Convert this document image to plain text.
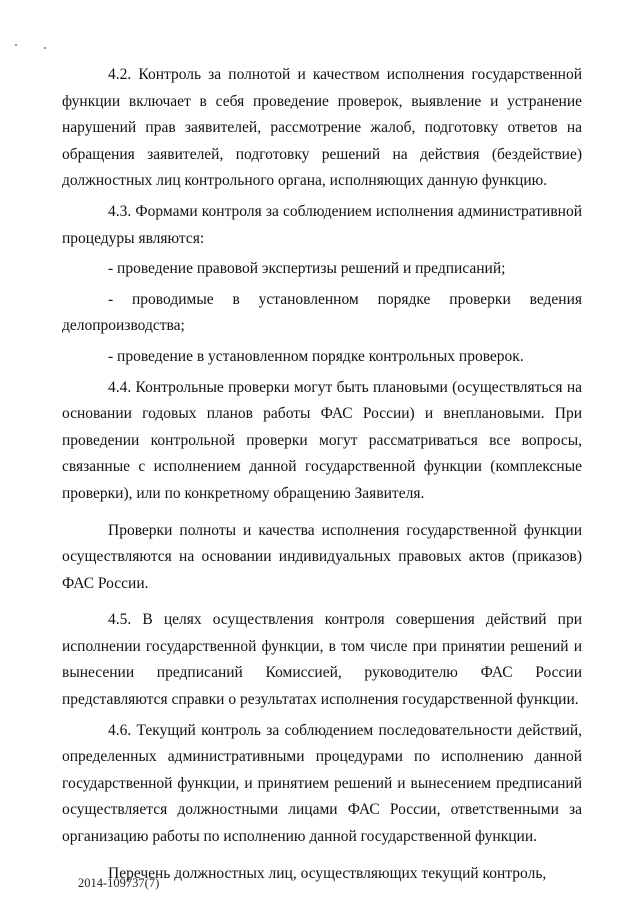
4.2. Контроль за полнотой и качеством исполнения государственной функции включает в себя проведение проверок, выявление и устранение нарушений прав заявителей, рассмотрение жалоб, подготовку ответов на обращения заявителей, подготовку решений на действия (бездействие) должностных лиц контрольного органа, исполняющих данную функцию.

4.3. Формами контроля за соблюдением исполнения административной процедуры являются:

- проведение правовой экспертизы решений и предписаний;

- проводимые в установленном порядке проверки ведения делопроизводства;

- проведение в установленном порядке контрольных проверок.

4.4. Контрольные проверки могут быть плановыми (осуществляться на основании годовых планов работы ФАС России) и внеплановыми. При проведении контрольной проверки могут рассматриваться все вопросы, связанные с исполнением данной государственной функции (комплексные проверки), или по конкретному обращению Заявителя.

Проверки полноты и качества исполнения государственной функции осуществляются на основании индивидуальных правовых актов (приказов) ФАС России.

4.5. В целях осуществления контроля совершения действий при исполнении государственной функции, в том числе при принятии решений и вынесении предписаний Комиссией, руководителю ФАС России представляются справки о результатах исполнения государственной функции.

4.6. Текущий контроль за соблюдением последовательности действий, определенных административными процедурами по исполнению данной государственной функции, и принятием решений и вынесением предписаний осуществляется должностными лицами ФАС России, ответственными за организацию работы по исполнению данной государственной функции.

Перечень должностных лиц, осуществляющих текущий контроль,

2014-109737(7)
